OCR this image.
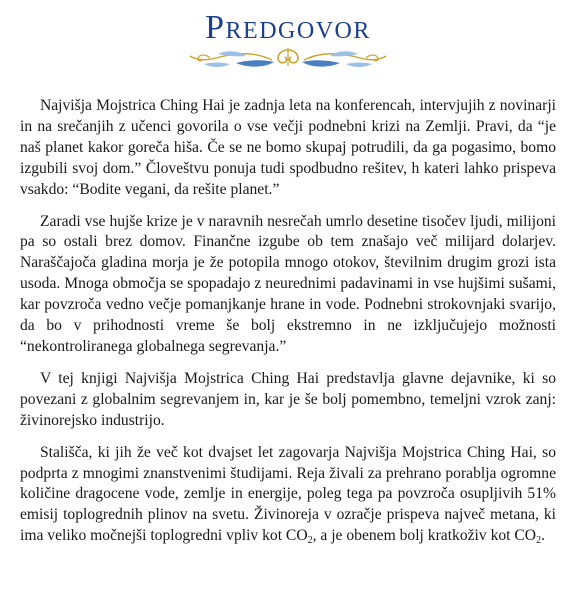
Predgovor

Najvišja Mojstrica Ching Hai je zadnja leta na konferencah, intervjujih z novinarji in na srečanjih z učenci govorila o vse večji podnebni krizi na Zemlji. Pravi, da “je naš planet kakor goreča hiša. Če se ne bomo skupaj potrudili, da ga pogasimo, bomo izgubili svoj dom.” Človeštvu ponuja tudi spodbudno rešitev, h kateri lahko prispeva vsakdo: “Bodite vegani, da rešite planet.”

Zaradi vse hujše krize je v naravnih nesrečah umrlo desetine tisočev ljudi, milijoni pa so ostali brez domov. Finančne izgube ob tem znašajo več milijard dolarjev. Naraščajoča gladina morja je že potopila mnogo otokov, številnim drugim grozi ista usoda. Mnoga območja se spopadajo z neurednimi padavinami in vse hujšimi sušami, kar povzroča vedno večje pomanjkanje hrane in vode. Podnebni strokovnjaki svarijo, da bo v prihodnosti vreme še bolj ekstremno in ne izključujejo možnosti “nekontroliranega globalnega segrevanja.”

V tej knjigi Najvišja Mojstrica Ching Hai predstavlja glavne dejavnike, ki so povezani z globalnim segrevanjem in, kar je še bolj pomembno, temeljni vzrok zanj: živinorejsko industrijo.

Stališča, ki jih že več kot dvajset let zagovarja Najvišja Mojstrica Ching Hai, so podprta z mnogimi znanstvenimi študijami. Reja živali za prehrano porablja ogromne količine dragocene vode, zemlje in energije, poleg tega pa povzroča osupljivih 51% emisij toplogrednih plinov na svetu. Živinoreja v ozračje prispeva največ metana, ki ima veliko močnejši toplogredni vpliv kot $CO_2$, a je obenem bolj kratkoživ kot $CO_2$.
